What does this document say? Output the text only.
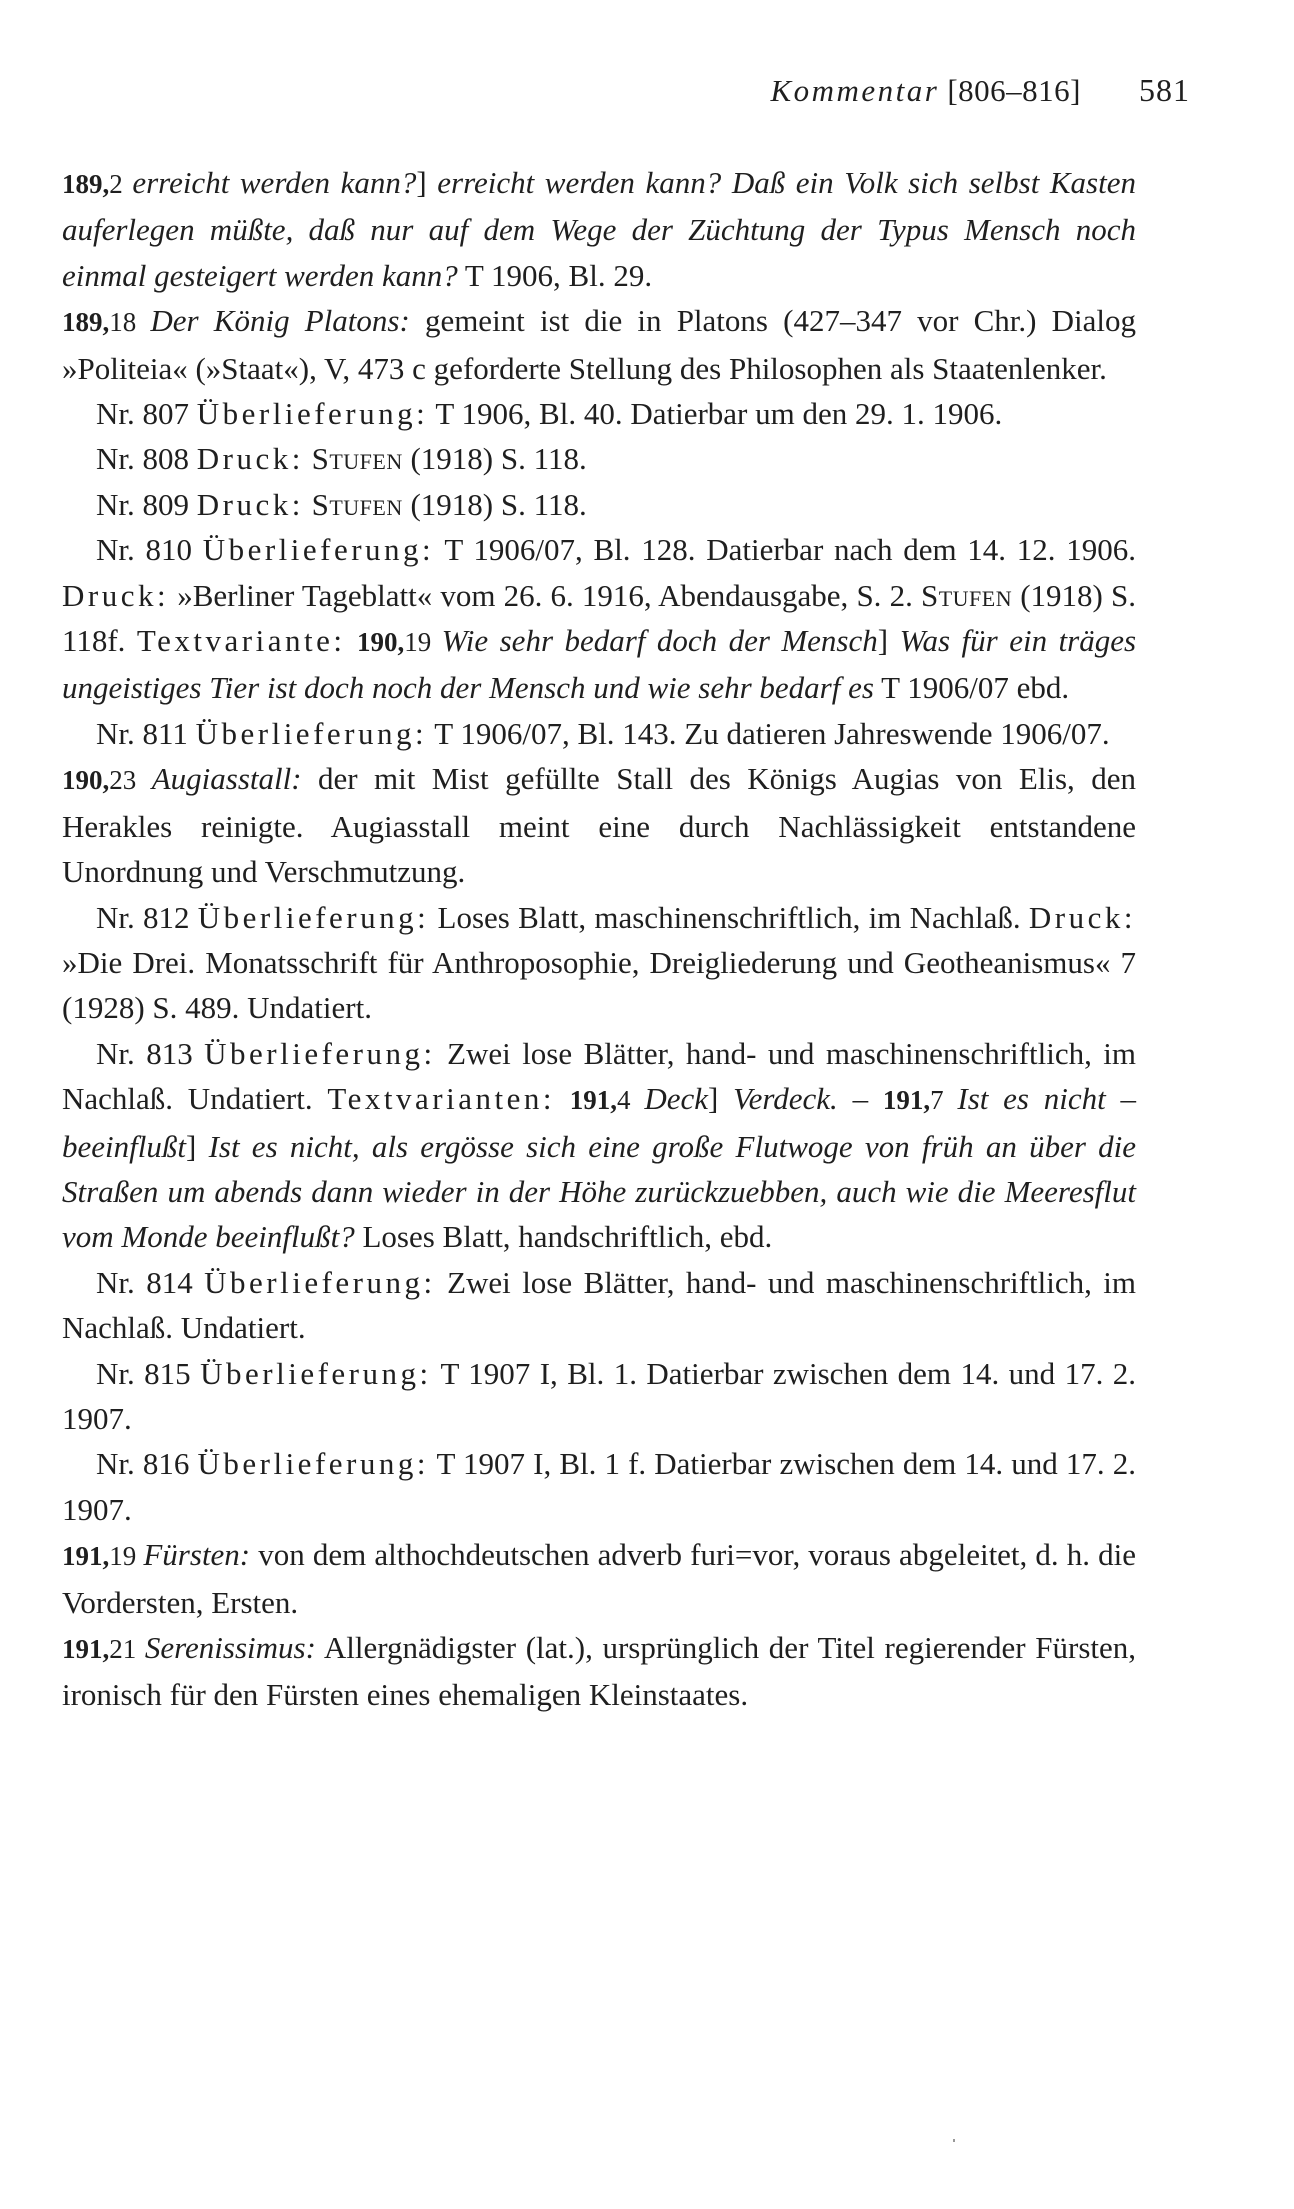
Kommentar [806–816] 581

189,2 erreicht werden kann?] erreicht werden kann? Daß ein Volk sich selbst Kasten auferlegen müßte, daß nur auf dem Wege der Züchtung der Typus Mensch noch einmal gesteigert werden kann? T 1906, Bl. 29.

189,18 Der König Platons: gemeint ist die in Platons (427–347 vor Chr.) Dialog »Politeia« (»Staat«), V, 473 c geforderte Stellung des Philosophen als Staatenlenker.

Nr. 807 Überlieferung: T 1906, Bl. 40. Datierbar um den 29. 1. 1906.

Nr. 808 Druck: Stufen (1918) S. 118.

Nr. 809 Druck: Stufen (1918) S. 118.

Nr. 810 Überlieferung: T 1906/07, Bl. 128. Datierbar nach dem 14. 12. 1906. Druck: »Berliner Tageblatt« vom 26. 6. 1916, Abendausgabe, S. 2. Stufen (1918) S. 118f. Textvariante: 190,19 Wie sehr bedarf doch der Mensch] Was für ein träges ungeistiges Tier ist doch noch der Mensch und wie sehr bedarf es T 1906/07 ebd.

Nr. 811 Überlieferung: T 1906/07, Bl. 143. Zu datieren Jahreswende 1906/07.

190,23 Augiasstall: der mit Mist gefüllte Stall des Königs Augias von Elis, den Herakles reinigte. Augiasstall meint eine durch Nachlässigkeit entstandene Unordnung und Verschmutzung.

Nr. 812 Überlieferung: Loses Blatt, maschinenschriftlich, im Nachlaß. Druck: »Die Drei. Monatsschrift für Anthroposophie, Dreigliederung und Geotheanismus« 7 (1928) S. 489. Undatiert.

Nr. 813 Überlieferung: Zwei lose Blätter, hand- und maschinenschriftlich, im Nachlaß. Undatiert. Textvarianten: 191,4 Deck] Verdeck. – 191,7 Ist es nicht – beeinflußt] Ist es nicht, als ergösse sich eine große Flutwoge von früh an über die Straßen um abends dann wieder in der Höhe zurückzuebben, auch wie die Meeresflut vom Monde beeinflußt? Loses Blatt, handschriftlich, ebd.

Nr. 814 Überlieferung: Zwei lose Blätter, hand- und maschinenschriftlich, im Nachlaß. Undatiert.

Nr. 815 Überlieferung: T 1907 I, Bl. 1. Datierbar zwischen dem 14. und 17. 2. 1907.

Nr. 816 Überlieferung: T 1907 I, Bl. 1 f. Datierbar zwischen dem 14. und 17. 2. 1907.

191,19 Fürsten: von dem althochdeutschen adverb furi=vor, voraus abgeleitet, d. h. die Vordersten, Ersten.

191,21 Serenissimus: Allergnädigster (lat.), ursprünglich der Titel regierender Fürsten, ironisch für den Fürsten eines ehemaligen Kleinstaates.
